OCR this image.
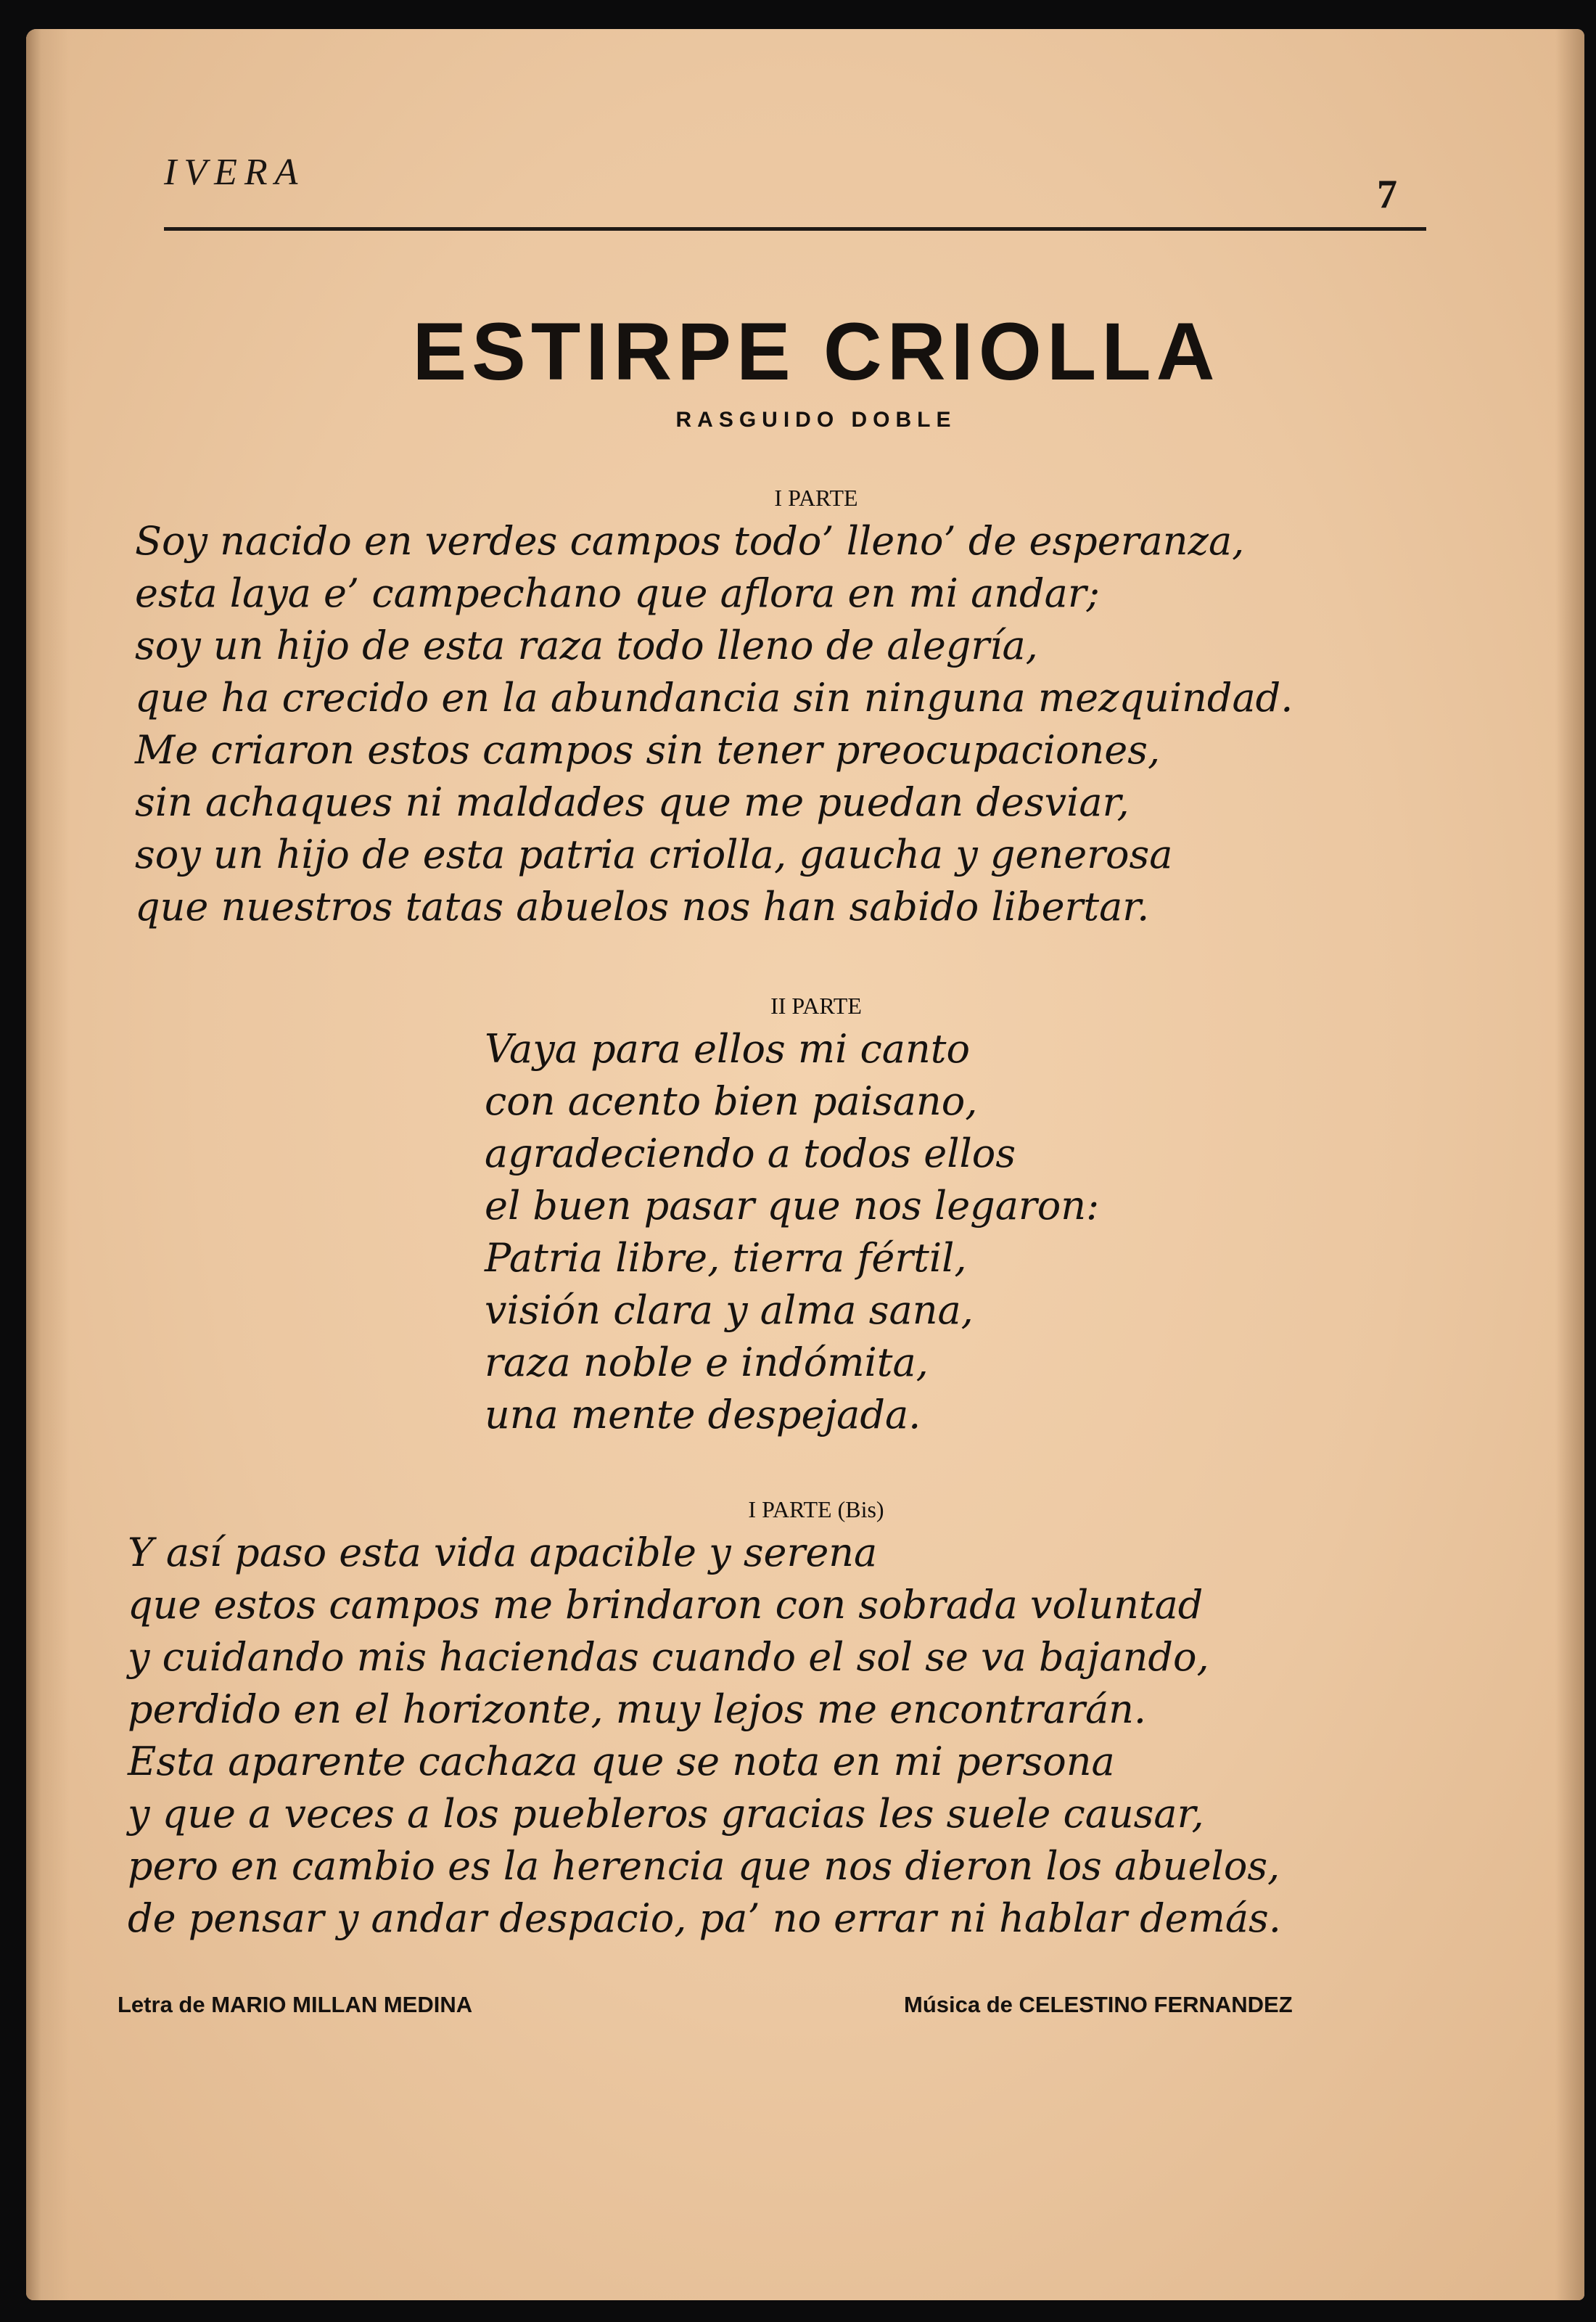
IVERA	7
ESTIRPE CRIOLLA
RASGUIDO DOBLE
I PARTE
Soy nacido en verdes campos todo’ lleno’ de esperanza,
esta laya e’ campechano que aflora en mi andar;
soy un hijo de esta raza todo lleno de alegría,
que ha crecido en la abundancia sin ninguna mezquindad.
Me criaron estos campos sin tener preocupaciones,
sin achaques ni maldades que me puedan desviar,
soy un hijo de esta patria criolla, gaucha y generosa
que nuestros tatas abuelos nos han sabido libertar.
II PARTE
Vaya para ellos mi canto
con acento bien paisano,
agradeciendo a todos ellos
el buen pasar que nos legaron:
Patria libre, tierra fértil,
visión clara y alma sana,
raza noble e indómita,
una mente despejada.
I PARTE (Bis)
Y así paso esta vida apacible y serena
que estos campos me brindaron con sobrada voluntad
y cuidando mis haciendas cuando el sol se va bajando,
perdido en el horizonte, muy lejos me encontrarán.
Esta aparente cachaza que se nota en mi persona
y que a veces a los puebleros gracias les suele causar,
pero en cambio es la herencia que nos dieron los abuelos,
de pensar y andar despacio, pa’ no errar ni hablar demás.
Letra de MARIO MILLAN MEDINA	Música de CELESTINO FERNANDEZ
